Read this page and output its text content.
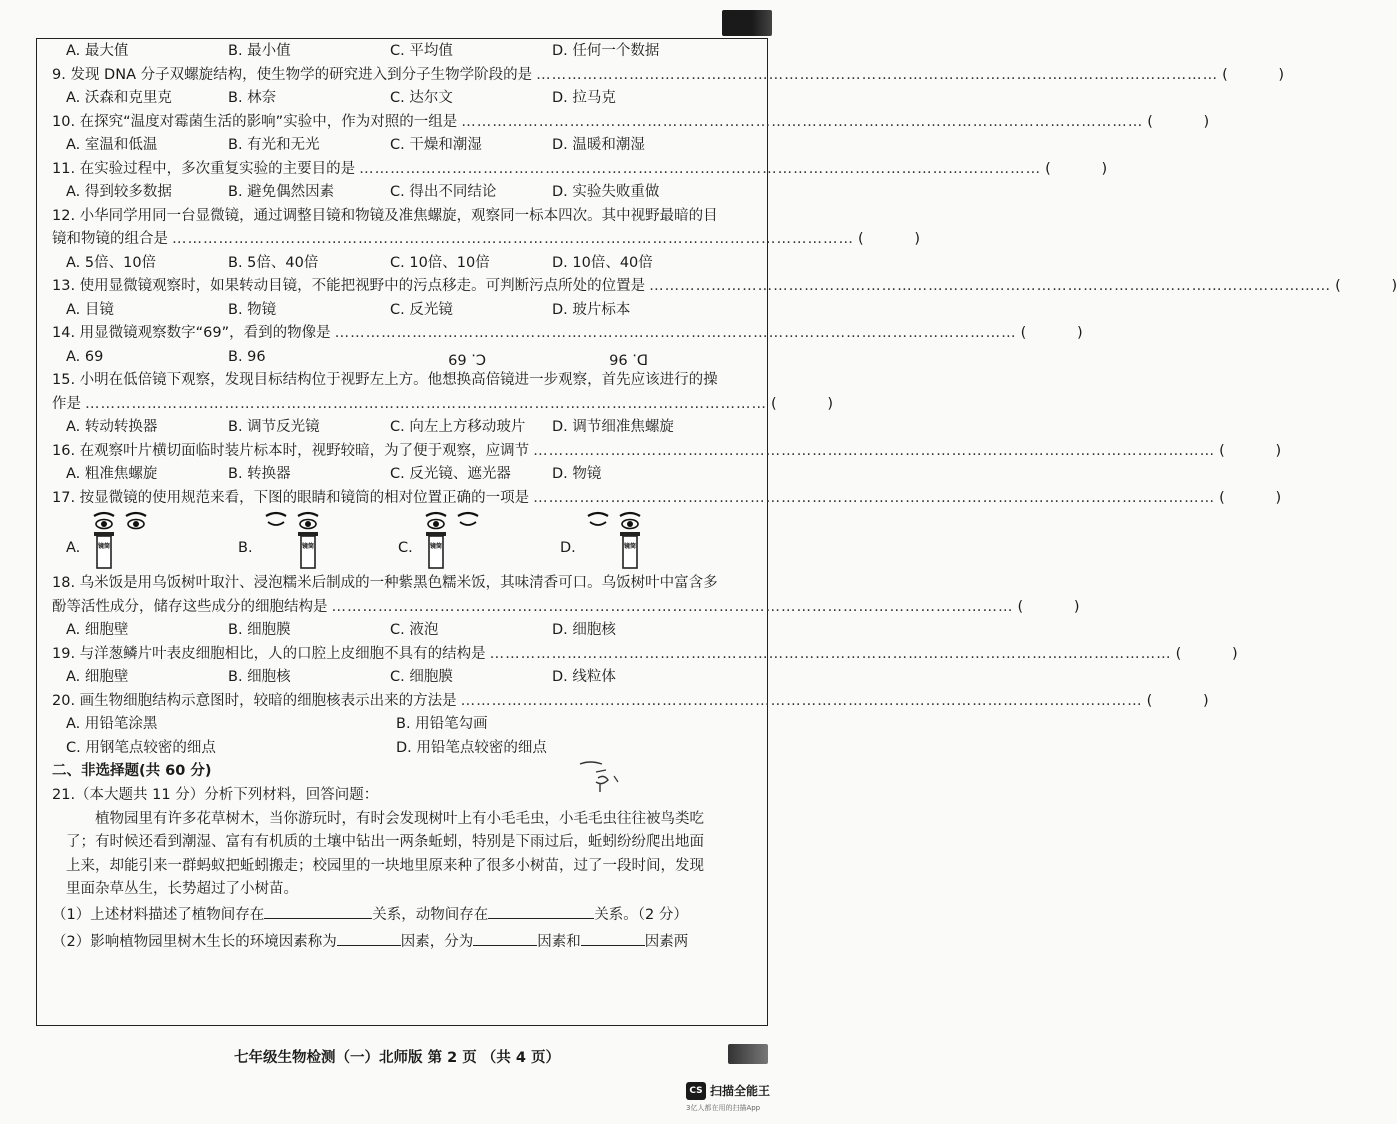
A. 最大值	B. 最小值	C. 平均值	D. 任何一个数据
9. 发现 DNA 分子双螺旋结构，使生物学的研究进入到分子生物学阶段的是 …………………………………………………………………………………………………………………… (	)
A. 沃森和克里克	B. 林奈	C. 达尔文	D. 拉马克
10. 在探究“温度对霉菌生活的影响”实验中，作为对照的一组是 …………………………………………………………………………………………………………………… (	)
A. 室温和低温	B. 有光和无光	C. 干燥和潮湿	D. 温暖和潮湿
11. 在实验过程中，多次重复实验的主要目的是 …………………………………………………………………………………………………………………… (	)
A. 得到较多数据	B. 避免偶然因素	C. 得出不同结论	D. 实验失败重做
12. 小华同学用同一台显微镜，通过调整目镜和物镜及准焦螺旋，观察同一标本四次。其中视野最暗的目
镜和物镜的组合是 …………………………………………………………………………………………………………………… (	)
A. 5倍、10倍	B. 5倍、40倍	C. 10倍、10倍	D. 10倍、40倍
13. 使用显微镜观察时，如果转动目镜，不能把视野中的污点移走。可判断污点所处的位置是 …………………………………………………………………………………………………………………… (	)
A. 目镜	B. 物镜	C. 反光镜	D. 玻片标本
14. 用显微镜观察数字“69”，看到的物像是 …………………………………………………………………………………………………………………… (	)
A. 69	B. 96	C. 69	D. 96
15. 小明在低倍镜下观察，发现目标结构位于视野左上方。他想换高倍镜进一步观察，首先应该进行的操
作是 …………………………………………………………………………………………………………………… (	)
A. 转动转换器	B. 调节反光镜	C. 向左上方移动玻片	D. 调节细准焦螺旋
16. 在观察叶片横切面临时装片标本时，视野较暗，为了便于观察，应调节 …………………………………………………………………………………………………………………… (	)
A. 粗准焦螺旋	B. 转换器	C. 反光镜、遮光器	D. 物镜
17. 按显微镜的使用规范来看，下图的眼睛和镜筒的相对位置正确的一项是 …………………………………………………………………………………………………………………… (	)
A.	镜筒	B.	镜筒	C.	镜筒	D.	镜筒
18. 乌米饭是用乌饭树叶取汁、浸泡糯米后制成的一种紫黑色糯米饭，其味清香可口。乌饭树叶中富含多
酚等活性成分，储存这些成分的细胞结构是 …………………………………………………………………………………………………………………… (	)
A. 细胞壁	B. 细胞膜	C. 液泡	D. 细胞核
19. 与洋葱鳞片叶表皮细胞相比，人的口腔上皮细胞不具有的结构是 …………………………………………………………………………………………………………………… (	)
A. 细胞壁	B. 细胞核	C. 细胞膜	D. 线粒体
20. 画生物细胞结构示意图时，较暗的细胞核表示出来的方法是 …………………………………………………………………………………………………………………… (	)
A. 用铅笔涂黑	B. 用铅笔勾画
C. 用钢笔点较密的细点	D. 用铅笔点较密的细点
二、非选择题(共 60 分)
21.（本大题共 11 分）分析下列材料，回答问题：
植物园里有许多花草树木，当你游玩时，有时会发现树叶上有小毛毛虫，小毛毛虫往往被鸟类吃
了；有时候还看到潮湿、富有有机质的土壤中钻出一两条蚯蚓，特别是下雨过后，蚯蚓纷纷爬出地面
上来，却能引来一群蚂蚁把蚯蚓搬走；校园里的一块地里原来种了很多小树苗，过了一段时间，发现
里面杂草丛生，长势超过了小树苗。
（1）上述材料描述了植物间存在	关系，动物间存在	关系。（2 分）
（2）影响植物园里树木生长的环境因素称为	因素，分为	因素和	因素两
七年级生物检测（一）北师版 第 2 页 （共 4 页）
CS 扫描全能王
3亿人都在用的扫描App
